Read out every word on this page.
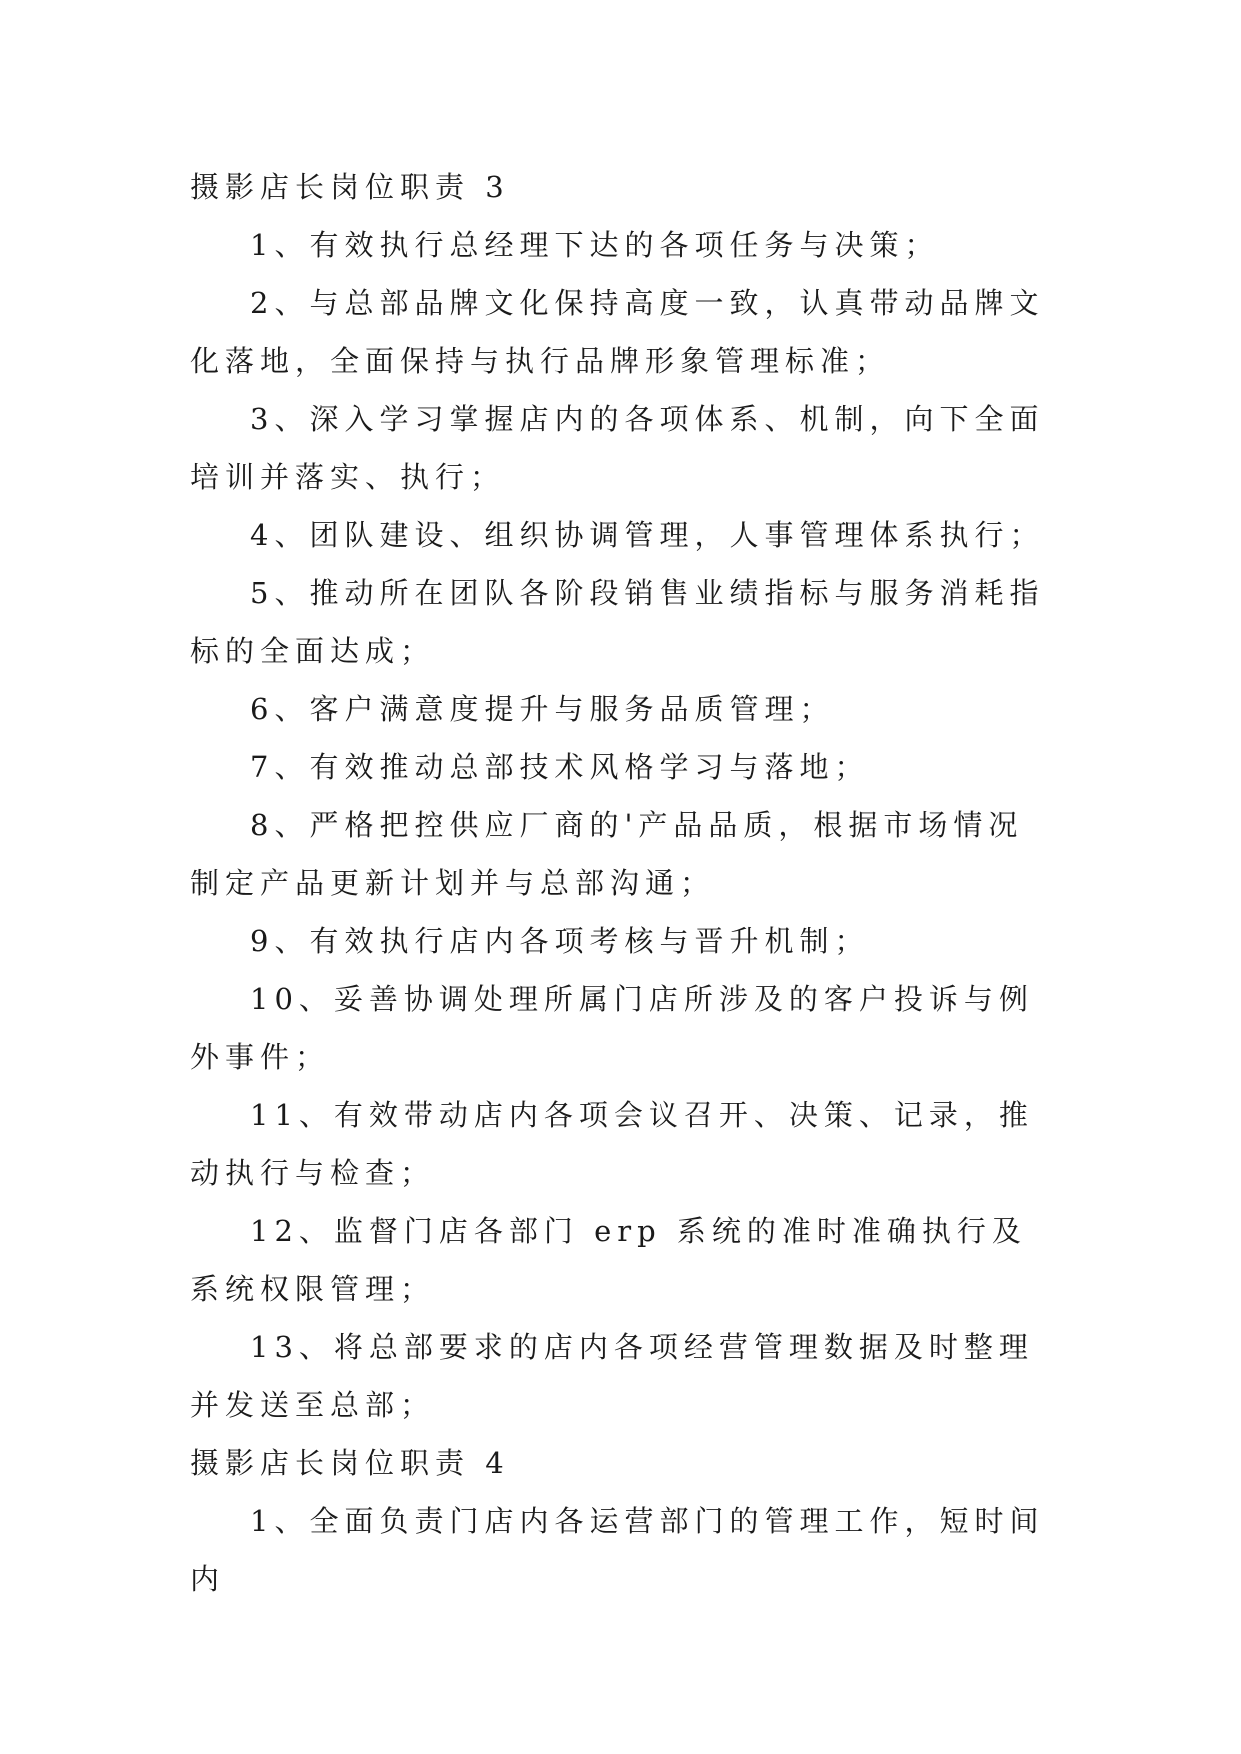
摄影店长岗位职责 3

1、有效执行总经理下达的各项任务与决策；

2、与总部品牌文化保持高度一致，认真带动品牌文化落地，全面保持与执行品牌形象管理标准；

3、深入学习掌握店内的各项体系、机制，向下全面培训并落实、执行；

4、团队建设、组织协调管理，人事管理体系执行；

5、推动所在团队各阶段销售业绩指标与服务消耗指标的全面达成；

6、客户满意度提升与服务品质管理；

7、有效推动总部技术风格学习与落地；

8、严格把控供应厂商的'产品品质，根据市场情况制定产品更新计划并与总部沟通；

9、有效执行店内各项考核与晋升机制；

10、妥善协调处理所属门店所涉及的客户投诉与例外事件；

11、有效带动店内各项会议召开、决策、记录，推动执行与检查；

12、监督门店各部门 erp 系统的准时准确执行及系统权限管理；

13、将总部要求的店内各项经营管理数据及时整理并发送至总部；

摄影店长岗位职责 4

1、全面负责门店内各运营部门的管理工作，短时间内
